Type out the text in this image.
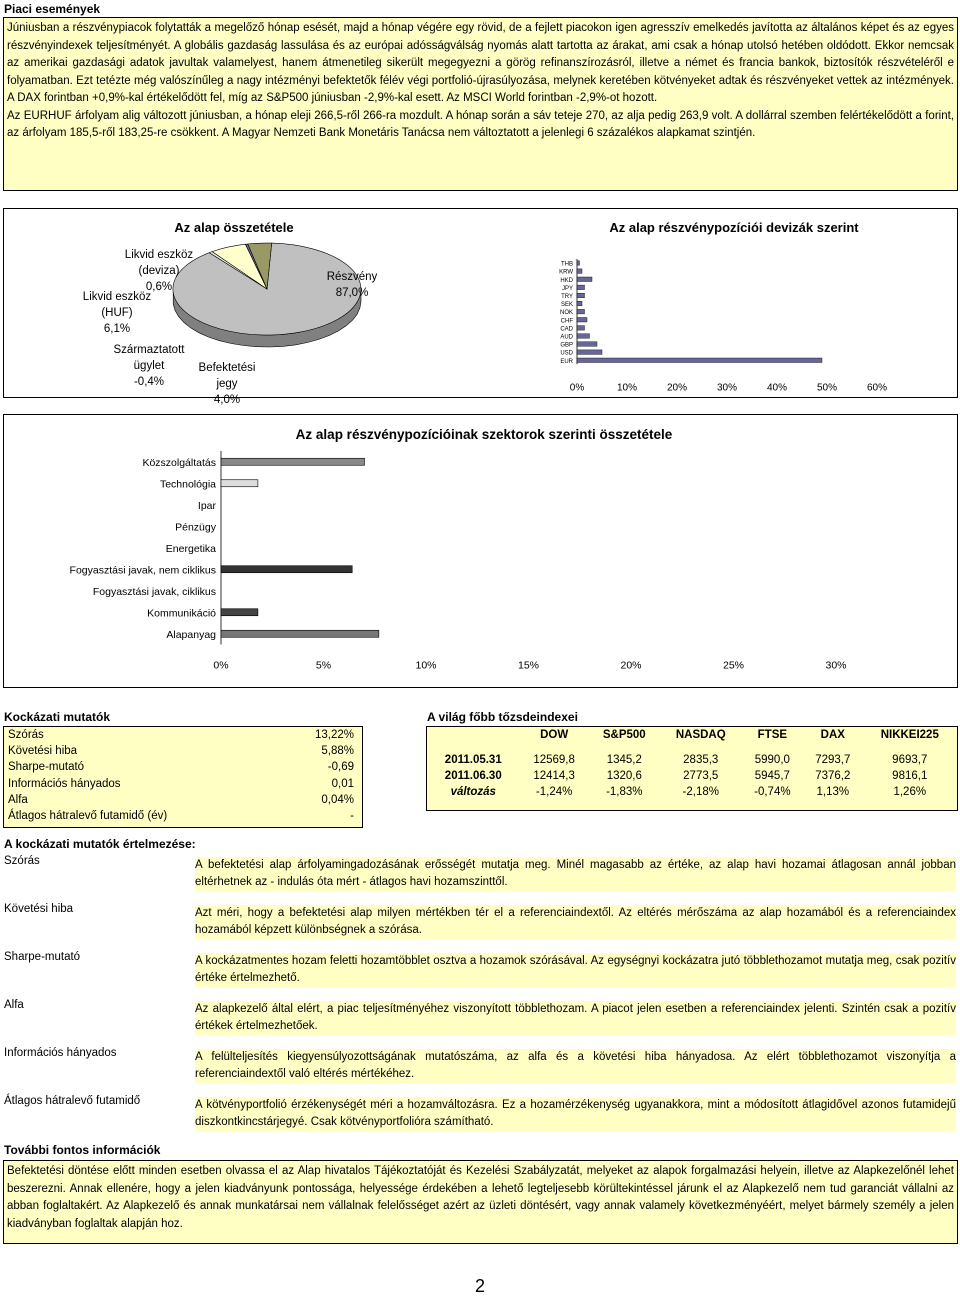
Piaci események

Júniusban a részvénypiacok folytatták a megelőző hónap esését, majd a hónap végére egy rövid, de a fejlett piacokon igen agresszív emelkedés javította az általános képet és az egyes részvényindexek teljesítményét. A globális gazdaság lassulása és az európai adósságválság nyomás alatt tartotta az árakat, ami csak a hónap utolsó hetében oldódott. Ekkor nemcsak az amerikai gazdasági adatok javultak valamelyest, hanem átmenetileg sikerült megegyezni a görög refinanszírozásról, illetve a német és francia bankok, biztosítók részvételéről e folyamatban. Ezt tetézte még valószínűleg a nagy intézményi befektetők félév végi portfolió-újrasúlyozása, melynek keretében kötvényeket adtak és részvényeket vettek az intézmények. A DAX forintban +0,9%-kal értékelődött fel, míg az S&P500 júniusban -2,9%-kal esett. Az MSCI World forintban -2,9%-ot hozott.

Az EURHUF árfolyam alig változott júniusban, a hónap eleji 266,5-ről 266-ra mozdult. A hónap során a sáv teteje 270, az alja pedig 263,9 volt. A dollárral szemben felértékelődött a forint, az árfolyam 185,5-ről 183,25-re csökkent. A Magyar Nemzeti Bank Monetáris Tanácsa nem változtatott a jelenlegi 6 százalékos alapkamat szintjén.

Az alap összetétele
Likvid eszköz (deviza)
0,6%
Likvid eszköz (HUF)
6,1%
Származtatott ügylet
-0,4%
Befektetési jegy
4,0%
Részvény
87,0%
Az alap részvénypozíciói devizák szerint
THB
KRW
HKD
JPY
TRY
SEK
NOK
CHF
CAD
AUD
GBP
USD
EUR
0%	10%	20%	30%	40%	50%	60%
Az alap részvénypozícióinak szektorok szerinti összetétele
Közszolgáltatás
Technológia
Ipar
Pénzügy
Energetika
Fogyasztási javak, nem ciklikus
Fogyasztási javak, ciklikus
Kommunikáció
Alapanyag
0%	5%	10%	15%	20%	25%	30%
Kockázati mutatók
Szórás	13,22%
Követési hiba	5,88%
Sharpe-mutató	-0,69
Információs hányados	0,01
Alfa	0,04%
Átlagos hátralevő futamidő (év)	-
A világ főbb tőzsdeindexei
	DOW	S&P500	NASDAQ	FTSE	DAX	NIKKEI225

2011.05.31	12569,8	1345,2	2835,3	5990,0	7293,7	9693,7
2011.06.30	12414,3	1320,6	2773,5	5945,7	7376,2	9816,1
változás	-1,24%	-1,83%	-2,18%	-0,74%	1,13%	1,26%
A kockázati mutatók értelmezése:
Szórás	A befektetési alap árfolyamingadozásának erősségét mutatja meg. Minél magasabb az értéke, az alap havi hozamai átlagosan annál jobban eltérhetnek az - indulás óta mért - átlagos havi hozamszinttől.
Követési hiba	Azt méri, hogy a befektetési alap milyen mértékben tér el a referenciaindextől. Az eltérés mérőszáma az alap hozamából és a referenciaindex hozamából képzett különbségnek a szórása.
Sharpe-mutató	A kockázatmentes hozam feletti hozamtöbblet osztva a hozamok szórásával. Az egységnyi kockázatra jutó többlethozamot mutatja meg, csak pozitív értéke értelmezhető.
Alfa	Az alapkezelő által elért, a piac teljesítményéhez viszonyított többlethozam. A piacot jelen esetben a referenciaindex jelenti. Szintén csak a pozitív értékek értelmezhetőek.
Információs hányados	A felülteljesítés kiegyensúlyozottságának mutatószáma, az alfa és a követési hiba hányadosa. Az elért többlethozamot viszonyítja a referenciaindextől való eltérés mértékéhez.
Átlagos hátralevő futamidő	A kötvényportfolió érzékenységét méri a hozamváltozásra. Ez a hozamérzékenység ugyanakkora, mint a módosított átlagidővel azonos futamidejű diszkontkincstárjegyé. Csak kötvényportfolióra számítható.
További fontos információk

Befektetési döntése előtt minden esetben olvassa el az Alap hivatalos Tájékoztatóját és Kezelési Szabályzatát, melyeket az alapok forgalmazási helyein, illetve az Alapkezelőnél lehet beszerezni. Annak ellenére, hogy a jelen kiadványunk pontossága, helyessége érdekében a lehető legteljesebb körültekintéssel járunk el az Alapkezelő nem tud garanciát vállalni az abban foglaltakért. Az Alapkezelő és annak munkatársai nem vállalnak felelősséget azért az üzleti döntésért, vagy annak valamely következményéért, melyet bármely személy a jelen kiadványban foglaltak alapján hoz.

2
